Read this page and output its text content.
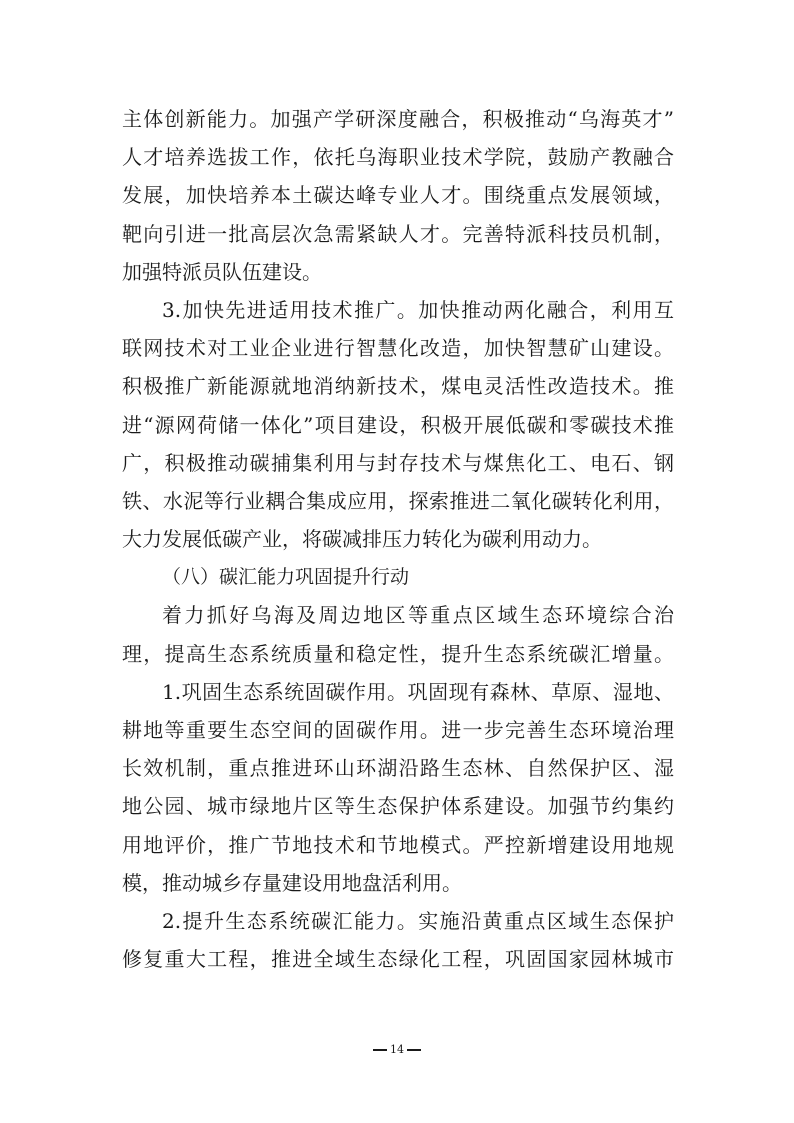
主体创新能力。加强产学研深度融合，积极推动“乌海英才”
人才培养选拔工作，依托乌海职业技术学院，鼓励产教融合
发展，加快培养本土碳达峰专业人才。围绕重点发展领域，
靶向引进一批高层次急需紧缺人才。完善特派科技员机制，
加强特派员队伍建设。
3.加快先进适用技术推广。加快推动两化融合，利用互
联网技术对工业企业进行智慧化改造，加快智慧矿山建设。
积极推广新能源就地消纳新技术，煤电灵活性改造技术。推
进“源网荷储一体化”项目建设，积极开展低碳和零碳技术推
广，积极推动碳捕集利用与封存技术与煤焦化工、电石、钢
铁、水泥等行业耦合集成应用，探索推进二氧化碳转化利用，
大力发展低碳产业，将碳减排压力转化为碳利用动力。
（八）碳汇能力巩固提升行动
着力抓好乌海及周边地区等重点区域生态环境综合治
理，提高生态系统质量和稳定性，提升生态系统碳汇增量。
1.巩固生态系统固碳作用。巩固现有森林、草原、湿地、
耕地等重要生态空间的固碳作用。进一步完善生态环境治理
长效机制，重点推进环山环湖沿路生态林、自然保护区、湿
地公园、城市绿地片区等生态保护体系建设。加强节约集约
用地评价，推广节地技术和节地模式。严控新增建设用地规
模，推动城乡存量建设用地盘活利用。
2.提升生态系统碳汇能力。实施沿黄重点区域生态保护
修复重大工程，推进全域生态绿化工程，巩固国家园林城市
14
